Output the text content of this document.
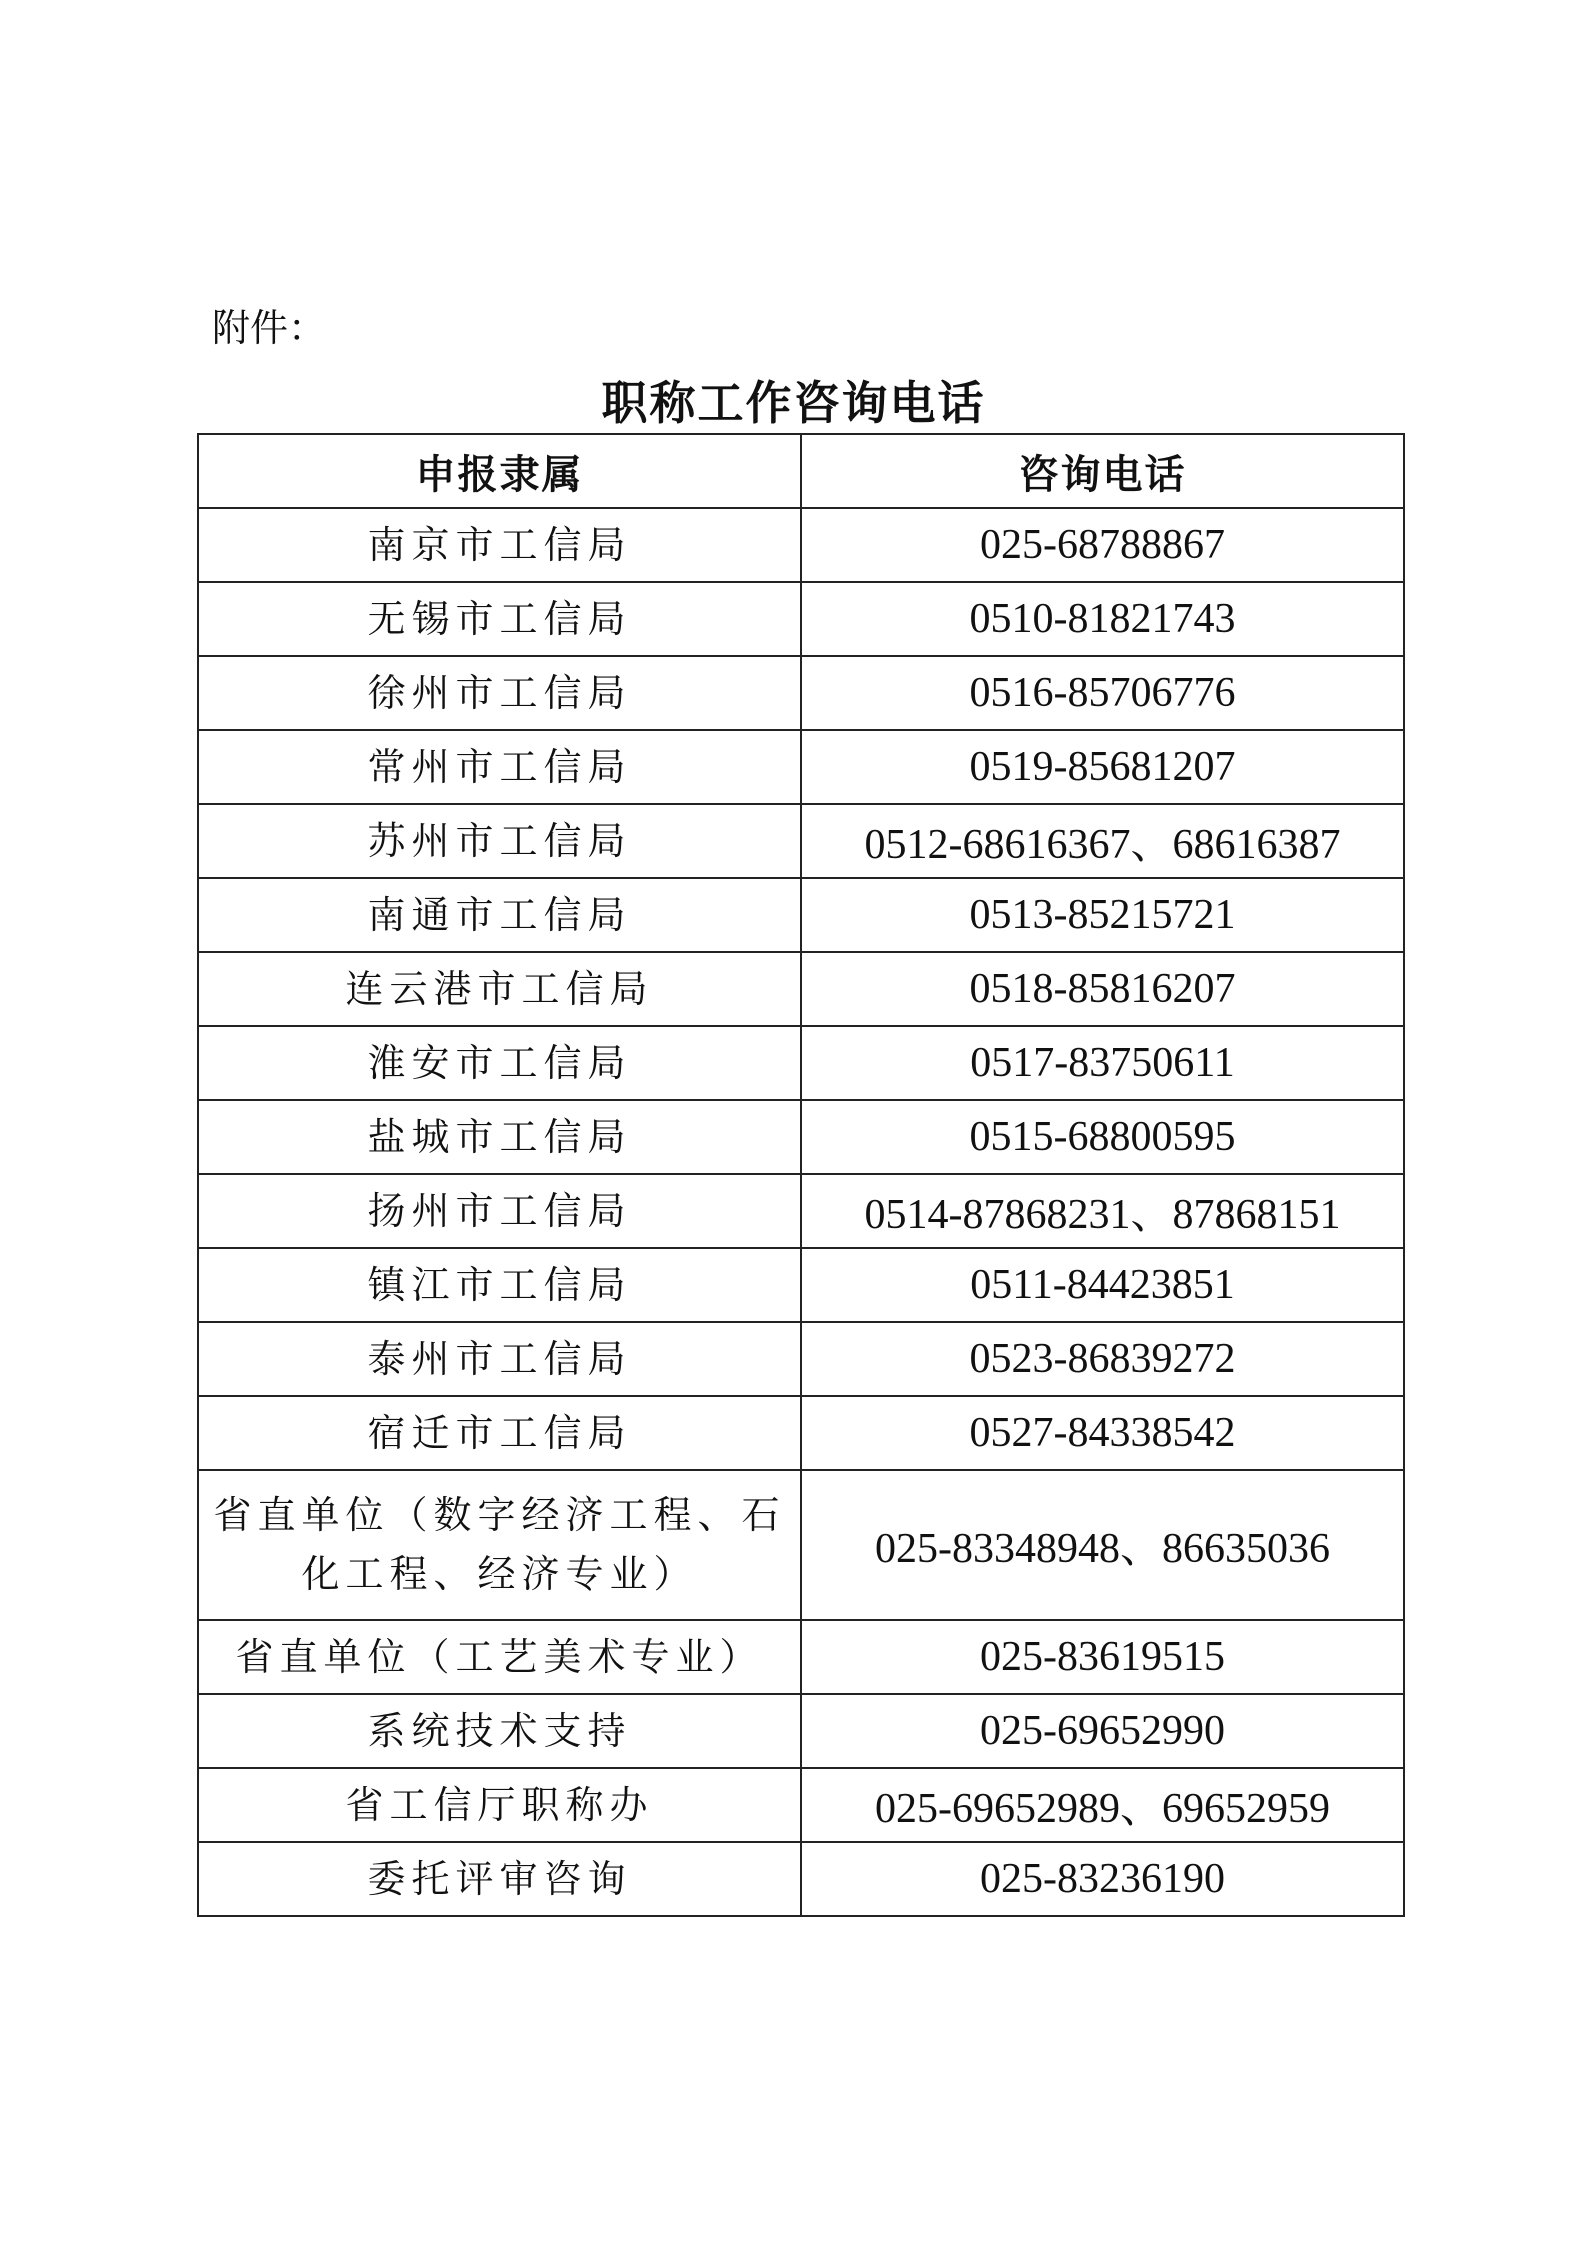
附件：
职称工作咨询电话
申报隶属	咨询电话
南京市工信局	025-68788867
无锡市工信局	0510-81821743
徐州市工信局	0516-85706776
常州市工信局	0519-85681207
苏州市工信局	0512-68616367、68616387
南通市工信局	0513-85215721
连云港市工信局	0518-85816207
淮安市工信局	0517-83750611
盐城市工信局	0515-68800595
扬州市工信局	0514-87868231、87868151
镇江市工信局	0511-84423851
泰州市工信局	0523-86839272
宿迁市工信局	0527-84338542
省直单位（数字经济工程、石化工程、经济专业）	025-83348948、86635036
省直单位（工艺美术专业）	025-83619515
系统技术支持	025-69652990
省工信厅职称办	025-69652989、69652959
委托评审咨询	025-83236190
